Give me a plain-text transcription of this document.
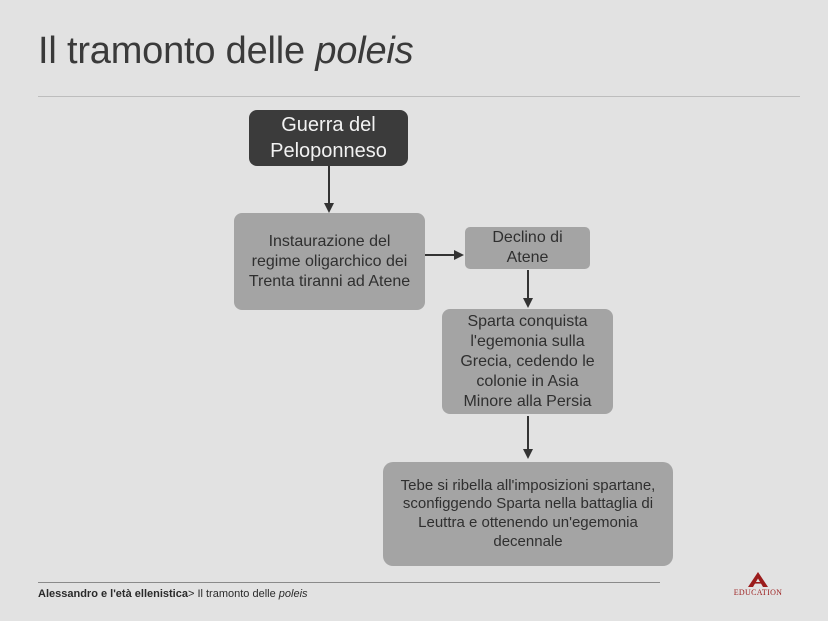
Il tramonto delle poleis
Guerra del Peloponneso
Instaurazione del regime oligarchico dei Trenta tiranni ad Atene
Declino di Atene
Sparta conquista l'egemonia sulla Grecia, cedendo le colonie in Asia Minore alla Persia
Tebe si ribella all'imposizioni spartane, sconfiggendo Sparta nella battaglia di Leuttra e ottenendo un'egemonia decennale
Alessandro e l'età ellenistica> Il tramonto delle poleis	EDUCATION
